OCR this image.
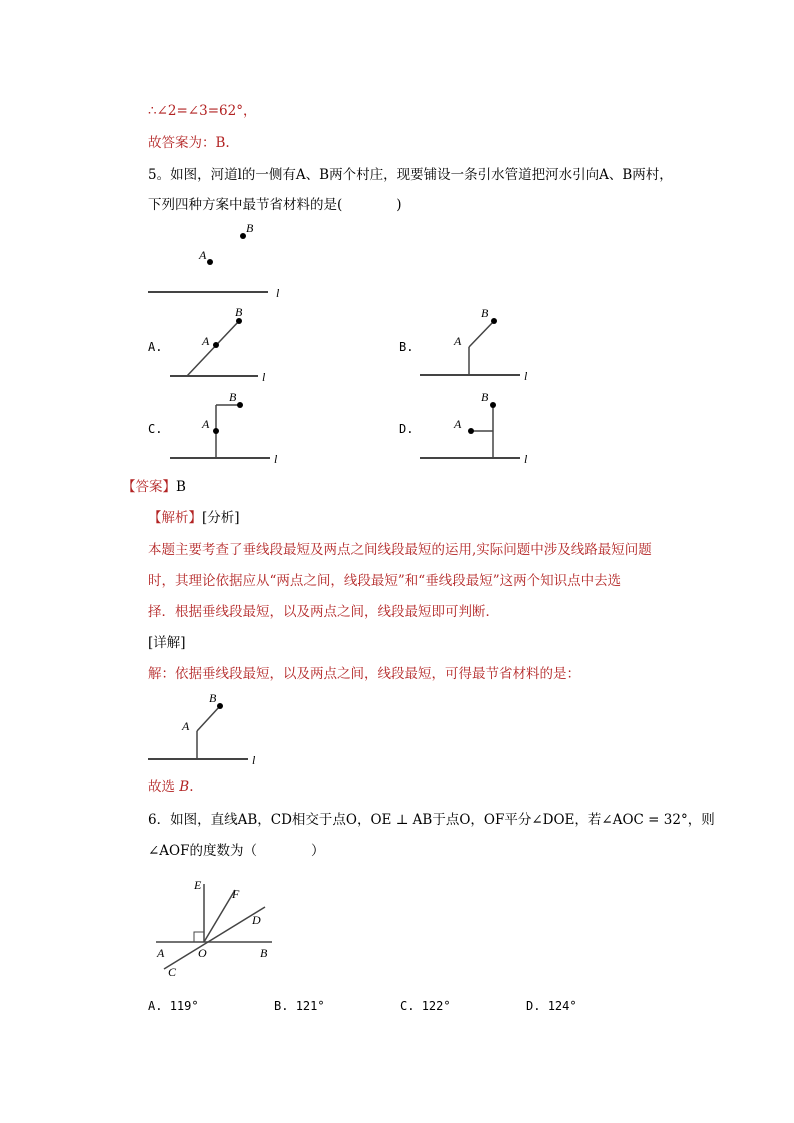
∴∠2=∠3=62°，
故答案为：B.
5。如图，河道l的一侧有A、B两个村庄，现要铺设一条引水管道把河水引向A、B两村，
下列四种方案中最节省材料的是(　　　　)
A
B
l
A.	A
B
l
B.	A
B
l
C.	A
B
l
D.	A
B
l
【答案】B
【解析】[分析]
本题主要考查了垂线段最短及两点之间线段最短的运用,实际问题中涉及线路最短问题
时，其理论依据应从“两点之间，线段最短”和“垂线段最短”这两个知识点中去选
择．根据垂线段最短，以及两点之间，线段最短即可判断．
[详解]
解：依据垂线段最短，以及两点之间，线段最短，可得最节省材料的是：
A
B
l
故选 B.
6．如图，直线AB，CD相交于点O，OE ⊥ AB于点O，OF平分∠DOE，若∠AOC = 32°，则
∠AOF的度数为（　　　　）
E
F
D
A	O	B
C
A. 119°	B. 121°	C. 122°	D. 124°
